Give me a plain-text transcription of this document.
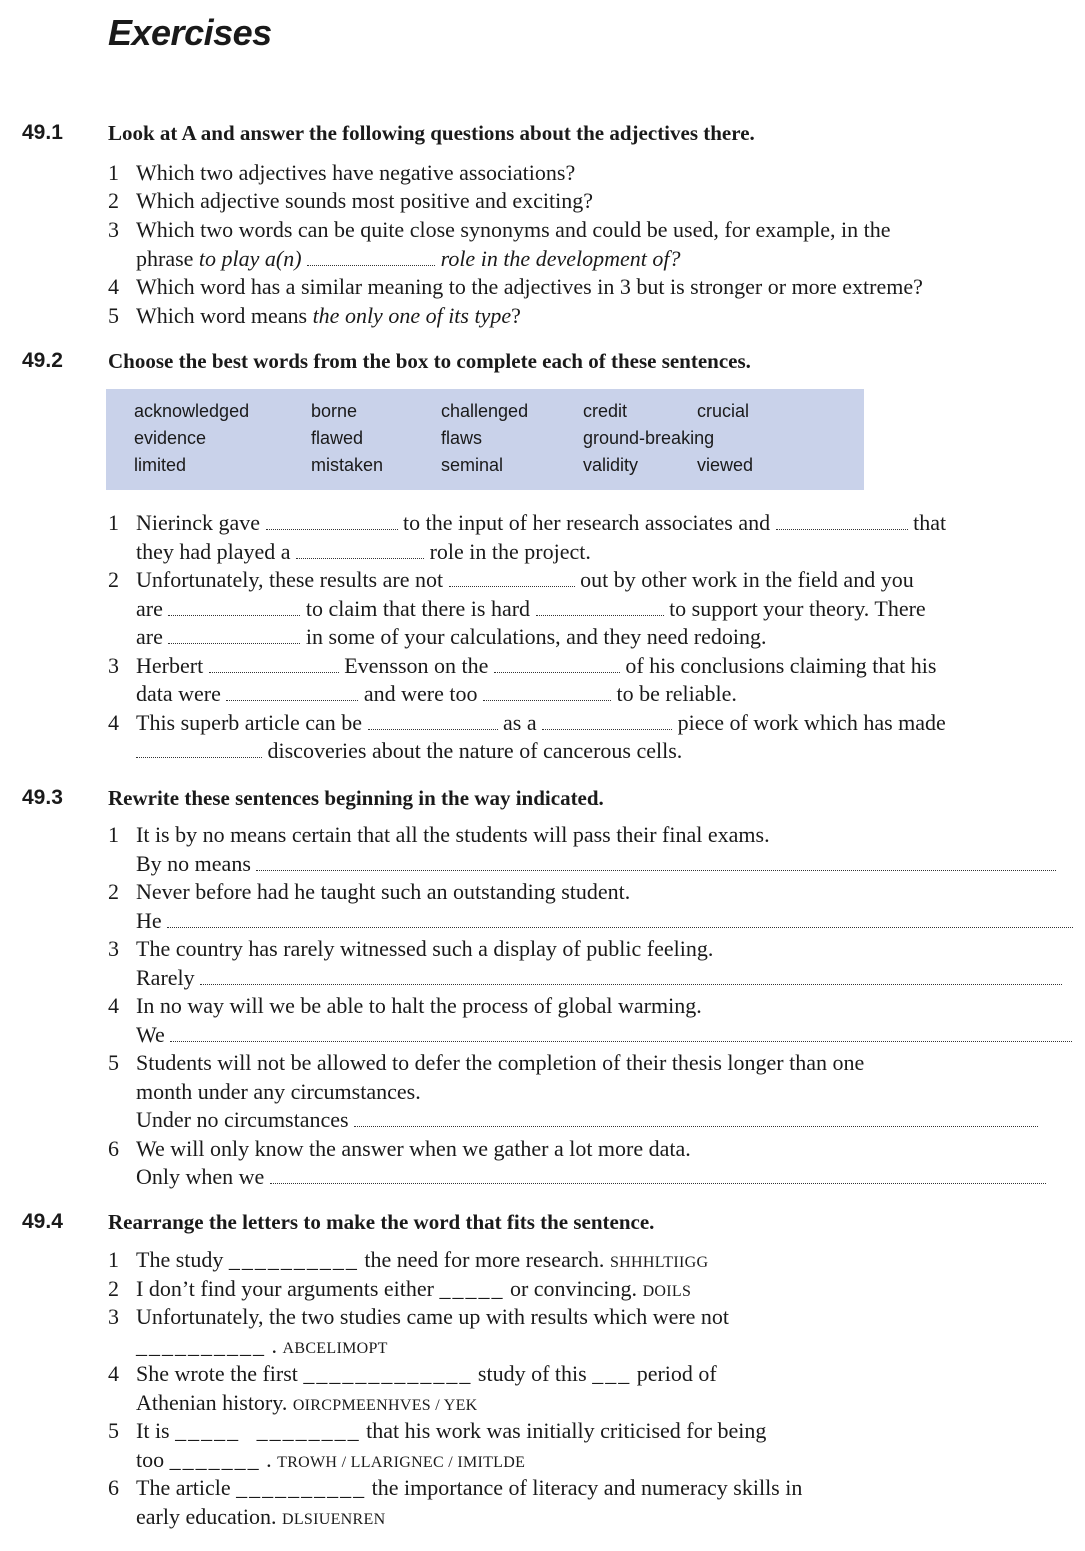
Exercises
49.1 Look at A and answer the following questions about the adjectives there.
1 Which two adjectives have negative associations?
2 Which adjective sounds most positive and exciting?
3 Which two words can be quite close synonyms and could be used, for example, in the
phrase to play a(n)	role in the development of?
4 Which word has a similar meaning to the adjectives in 3 but is stronger or more extreme?
5 Which word means the only one of its type?
49.2 Choose the best words from the box to complete each of these sentences.
acknowledged	borne	challenged	credit	crucial
evidence	flawed	flaws	ground-breaking
limited	mistaken	seminal	validity	viewed
1 Nierinck gave	to the input of her research associates and	that
they had played a	role in the project.
2 Unfortunately, these results are not	out by other work in the field and you
are	to claim that there is hard	to support your theory. There
are	in some of your calculations, and they need redoing.
3 Herbert	Evensson on the	of his conclusions claiming that his
data were	and were too	to be reliable.
4 This superb article can be	as a	piece of work which has made
discoveries about the nature of cancerous cells.
49.3 Rewrite these sentences beginning in the way indicated.
1 It is by no means certain that all the students will pass their final exams.
By no means
2 Never before had he taught such an outstanding student.
He
3 The country has rarely witnessed such a display of public feeling.
Rarely
4 In no way will we be able to halt the process of global warming.
We
5 Students will not be allowed to defer the completion of their thesis longer than one
month under any circumstances.
Under no circumstances
6 We will only know the answer when we gather a lot more data.
Only when we
49.4 Rearrange the letters to make the word that fits the sentence.
1 The study __________ the need for more research. SHHHLTIIGG
2 I don’t find your arguments either _____ or convincing. DOILS
3 Unfortunately, the two studies came up with results which were not
__________ . ABCELIMOPT
4 She wrote the first _____________ study of this ___ period of
Athenian history. OIRCPMEENHVES / YEK
5 It is _____ ________ that his work was initially criticised for being
too _______ . TROWH / LLARIGNEC / IMITLDE
6 The article __________ the importance of literacy and numeracy skills in
early education. DLSIUENREN
